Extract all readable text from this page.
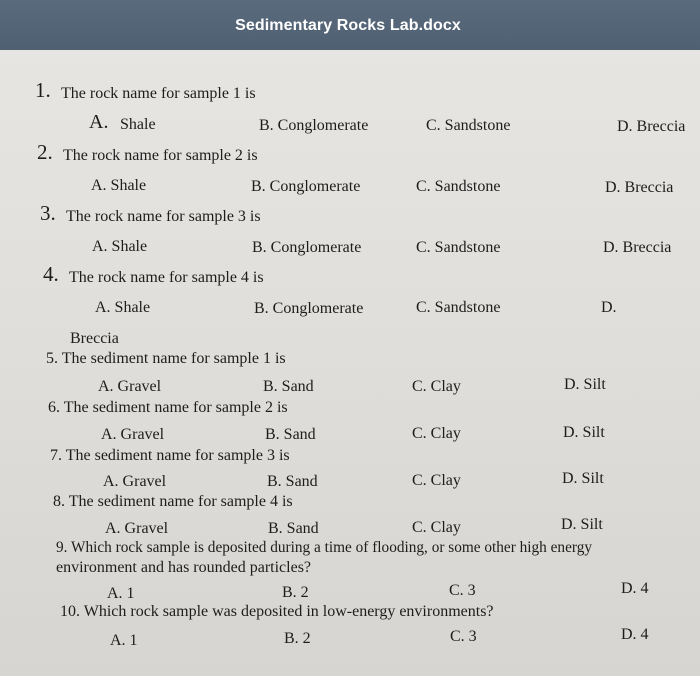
Sedimentary Rocks Lab.docx
1. The rock name for sample 1 is
A. Shale	B. Conglomerate	C. Sandstone	D. Breccia
2. The rock name for sample 2 is
A. Shale	B. Conglomerate	C. Sandstone	D. Breccia
3. The rock name for sample 3 is
A. Shale	B. Conglomerate	C. Sandstone	D. Breccia
4. The rock name for sample 4 is
A. Shale	B. Conglomerate	C. Sandstone	D.
Breccia
5. The sediment name for sample 1 is
A. Gravel	B. Sand	C. Clay	D. Silt
6. The sediment name for sample 2 is
A. Gravel	B. Sand	C. Clay	D. Silt
7. The sediment name for sample 3 is
A. Gravel	B. Sand	C. Clay	D. Silt
8. The sediment name for sample 4 is
A. Gravel	B. Sand	C. Clay	D. Silt
9. Which rock sample is deposited during a time of flooding, or some other high energy
environment and has rounded particles?
A. 1	B. 2	C. 3	D. 4
10. Which rock sample was deposited in low-energy environments?
A. 1	B. 2	C. 3	D. 4
